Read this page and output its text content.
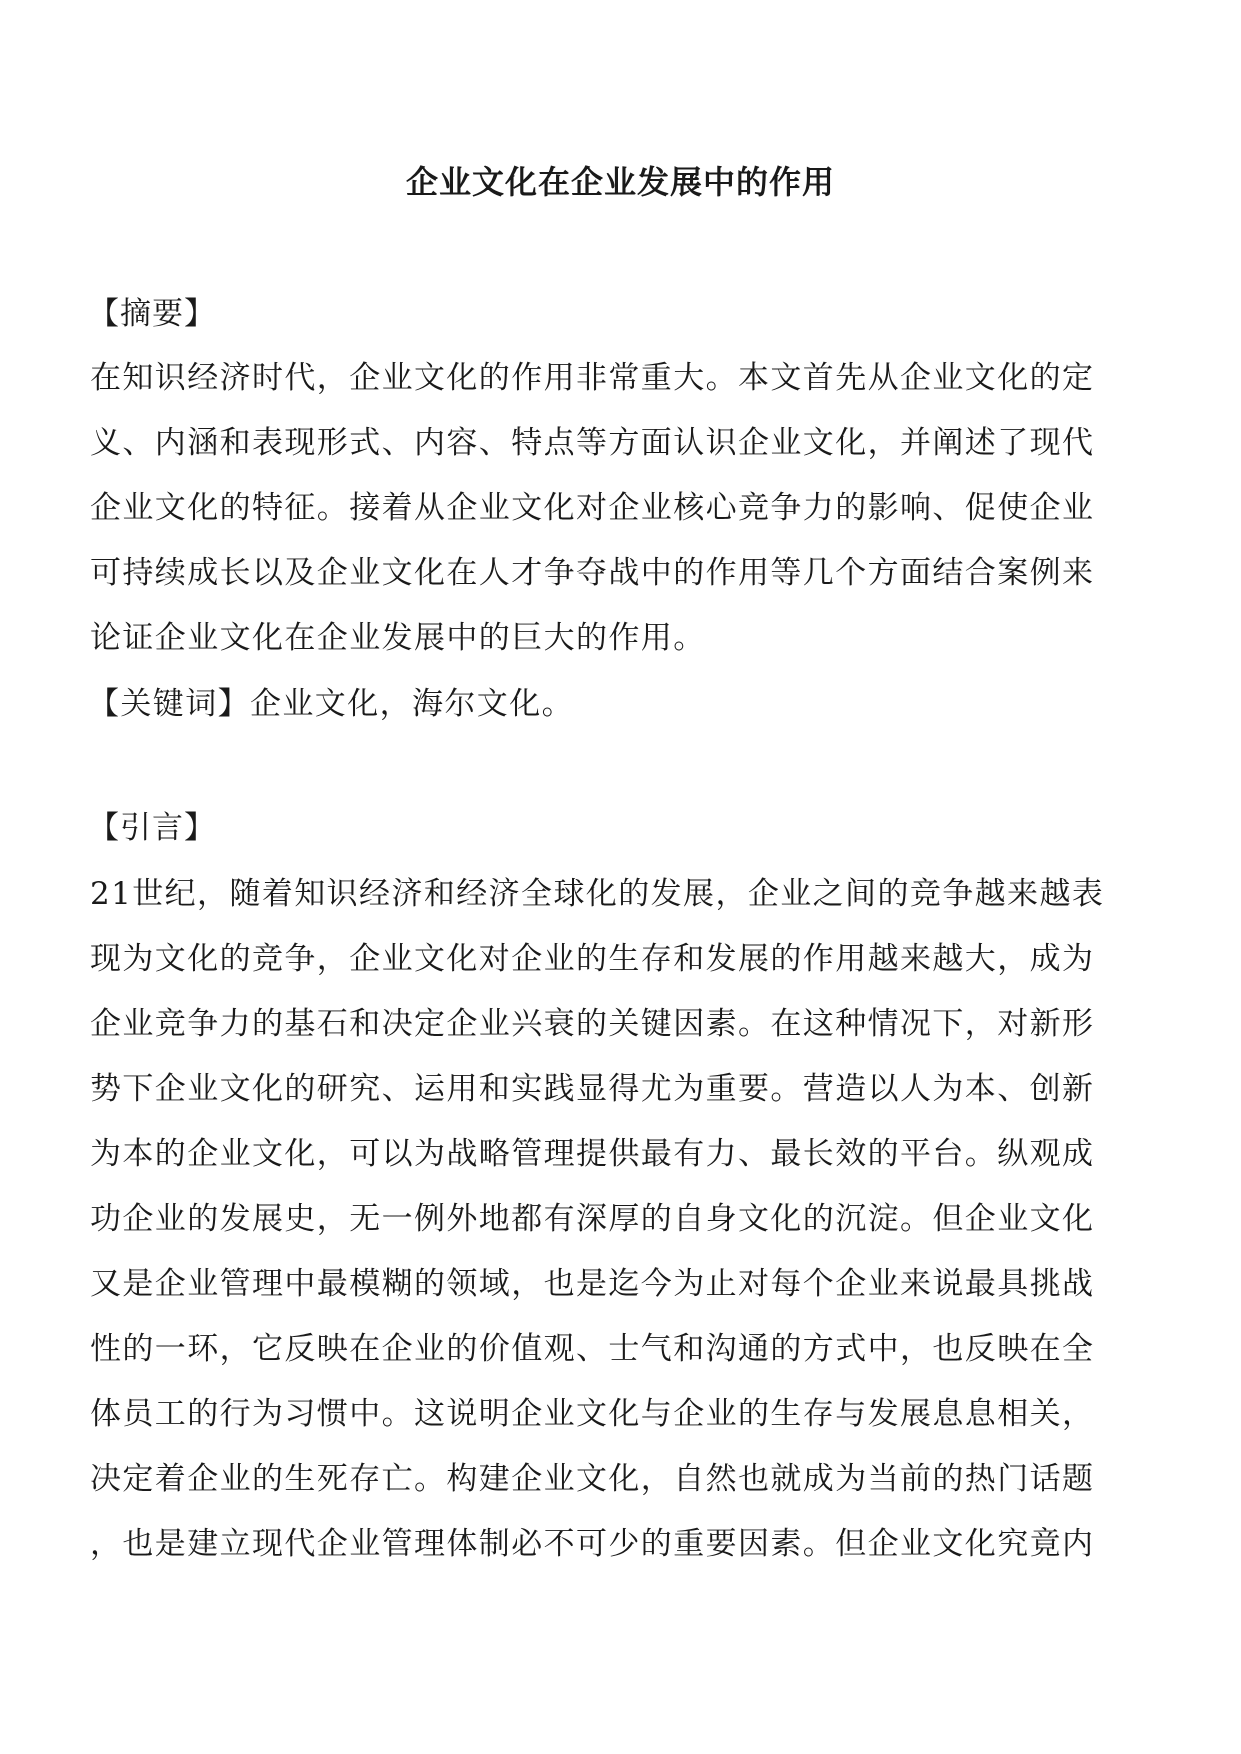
企业文化在企业发展中的作用
【摘要】
在知识经济时代，企业文化的作用非常重大。本文首先从企业文化的定
义、内涵和表现形式、内容、特点等方面认识企业文化，并阐述了现代
企业文化的特征。接着从企业文化对企业核心竞争力的影响、促使企业
可持续成长以及企业文化在人才争夺战中的作用等几个方面结合案例来
论证企业文化在企业发展中的巨大的作用。
【关键词】企业文化，海尔文化。
【引言】
21世纪，随着知识经济和经济全球化的发展，企业之间的竞争越来越表
现为文化的竞争，企业文化对企业的生存和发展的作用越来越大，成为
企业竞争力的基石和决定企业兴衰的关键因素。在这种情况下，对新形
势下企业文化的研究、运用和实践显得尤为重要。营造以人为本、创新
为本的企业文化，可以为战略管理提供最有力、最长效的平台。纵观成
功企业的发展史，无一例外地都有深厚的自身文化的沉淀。但企业文化
又是企业管理中最模糊的领域，也是迄今为止对每个企业来说最具挑战
性的一环，它反映在企业的价值观、士气和沟通的方式中，也反映在全
体员工的行为习惯中。这说明企业文化与企业的生存与发展息息相关，
决定着企业的生死存亡。构建企业文化，自然也就成为当前的热门话题
，也是建立现代企业管理体制必不可少的重要因素。但企业文化究竟内
